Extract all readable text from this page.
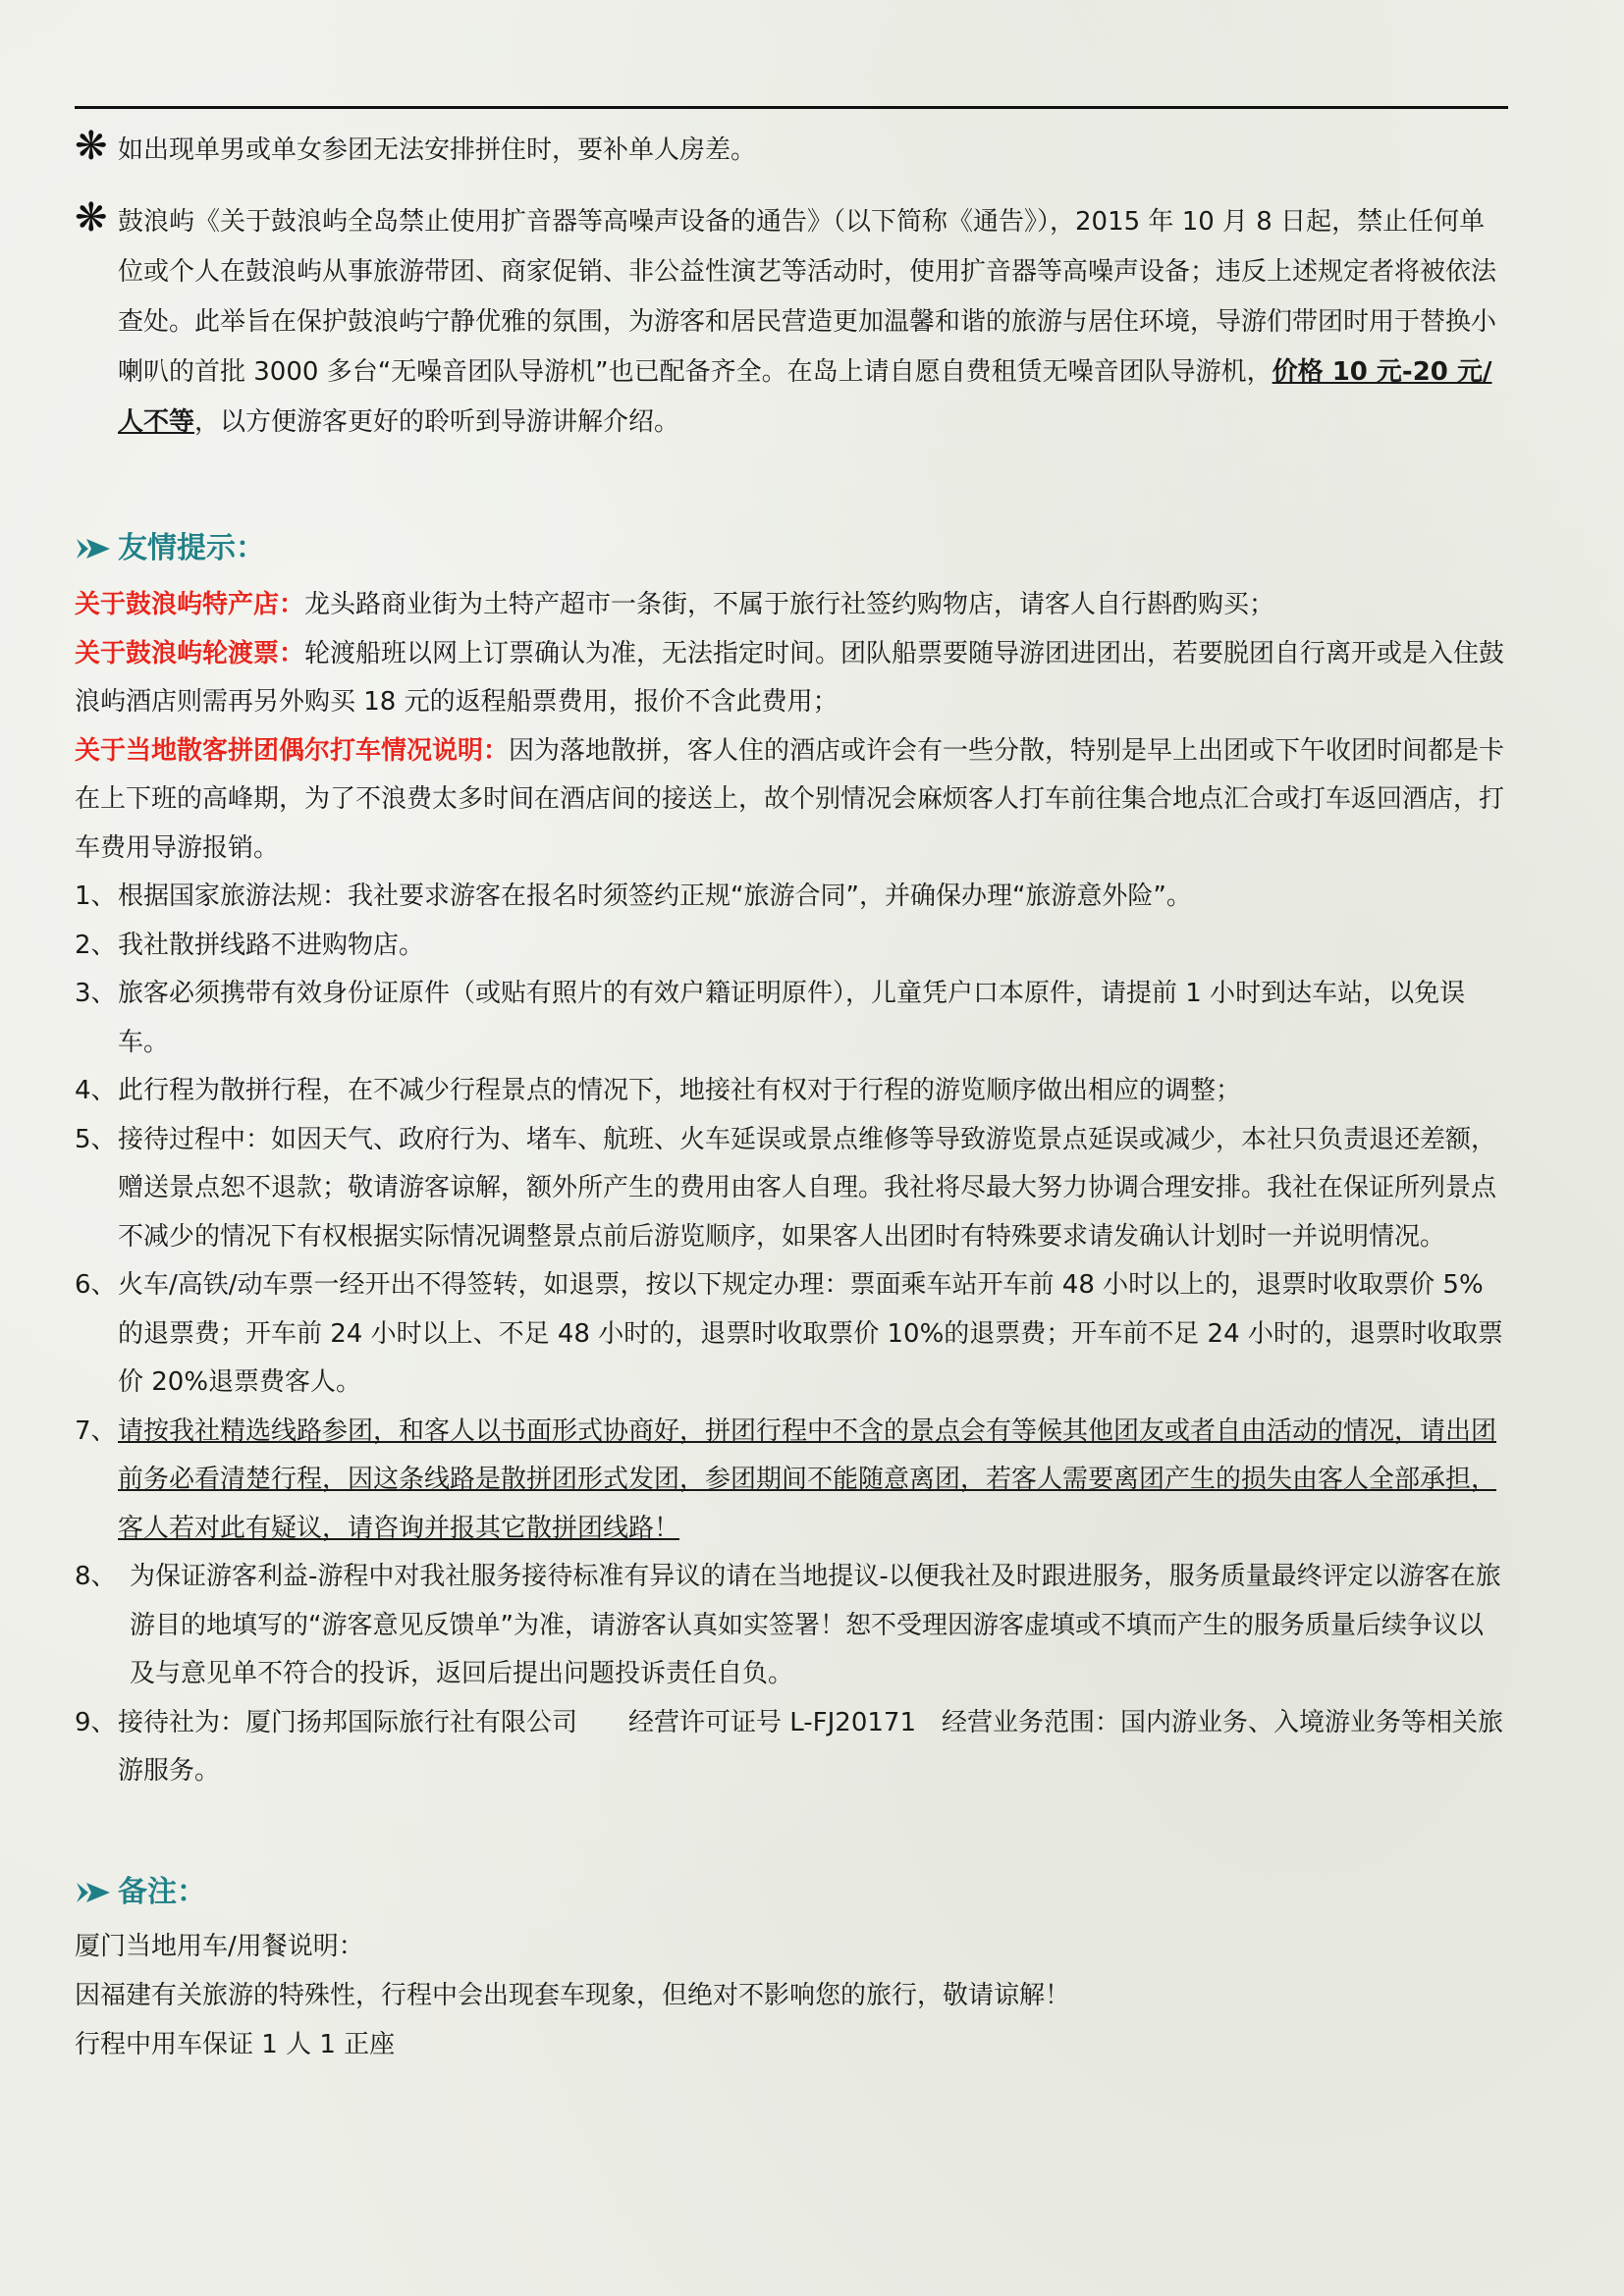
❋ 如出现单男或单女参团无法安排拼住时，要补单人房差。
❋ 鼓浪屿《关于鼓浪屿全岛禁止使用扩音器等高噪声设备的通告》（以下简称《通告》），2015 年 10 月 8 日起，禁止任何单位或个人在鼓浪屿从事旅游带团、商家促销、非公益性演艺等活动时，使用扩音器等高噪声设备；违反上述规定者将被依法查处。此举旨在保护鼓浪屿宁静优雅的氛围，为游客和居民营造更加温馨和谐的旅游与居住环境，导游们带团时用于替换小喇叭的首批 3000 多台“无噪音团队导游机”也已配备齐全。在岛上请自愿自费租赁无噪音团队导游机，价格 10 元-20 元/人不等，以方便游客更好的聆听到导游讲解介绍。
友情提示：
关于鼓浪屿特产店：龙头路商业街为土特产超市一条街，不属于旅行社签约购物店，请客人自行斟酌购买；
关于鼓浪屿轮渡票：轮渡船班以网上订票确认为准，无法指定时间。团队船票要随导游团进团出，若要脱团自行离开或是入住鼓浪屿酒店则需再另外购买 18 元的返程船票费用，报价不含此费用；
关于当地散客拼团偶尔打车情况说明：因为落地散拼，客人住的酒店或许会有一些分散，特别是早上出团或下午收团时间都是卡在上下班的高峰期，为了不浪费太多时间在酒店间的接送上，故个别情况会麻烦客人打车前往集合地点汇合或打车返回酒店，打车费用导游报销。
1、 根据国家旅游法规：我社要求游客在报名时须签约正规“旅游合同”，并确保办理“旅游意外险”。
2、 我社散拼线路不进购物店。
3、 旅客必须携带有效身份证原件（或贴有照片的有效户籍证明原件），儿童凭户口本原件，请提前 1 小时到达车站，以免误车。
4、 此行程为散拼行程，在不减少行程景点的情况下，地接社有权对于行程的游览顺序做出相应的调整；
5、 接待过程中：如因天气、政府行为、堵车、航班、火车延误或景点维修等导致游览景点延误或减少，本社只负责退还差额，赠送景点恕不退款；敬请游客谅解，额外所产生的费用由客人自理。我社将尽最大努力协调合理安排。我社在保证所列景点不减少的情况下有权根据实际情况调整景点前后游览顺序，如果客人出团时有特殊要求请发确认计划时一并说明情况。
6、 火车/高铁/动车票一经开出不得签转，如退票，按以下规定办理：票面乘车站开车前 48 小时以上的，退票时收取票价 5%的退票费；开车前 24 小时以上、不足 48 小时的，退票时收取票价 10%的退票费；开车前不足 24 小时的，退票时收取票价 20%退票费客人。
7、 请按我社精选线路参团，和客人以书面形式协商好，拼团行程中不含的景点会有等候其他团友或者自由活动的情况，请出团前务必看清楚行程，因这条线路是散拼团形式发团，参团期间不能随意离团，若客人需要离团产生的损失由客人全部承担，客人若对此有疑议，请咨询并报其它散拼团线路！
8、 为保证游客利益-游程中对我社服务接待标准有异议的请在当地提议-以便我社及时跟进服务，服务质量最终评定以游客在旅游目的地填写的“游客意见反馈单”为准，请游客认真如实签署！恕不受理因游客虚填或不填而产生的服务质量后续争议以及与意见单不符合的投诉，返回后提出问题投诉责任自负。
9、 接待社为：厦门扬邦国际旅行社有限公司　　经营许可证号 L-FJ20171　经营业务范围：国内游业务、入境游业务等相关旅游服务。
备注：
厦门当地用车/用餐说明：
因福建有关旅游的特殊性，行程中会出现套车现象，但绝对不影响您的旅行，敬请谅解！
行程中用车保证 1 人 1 正座
